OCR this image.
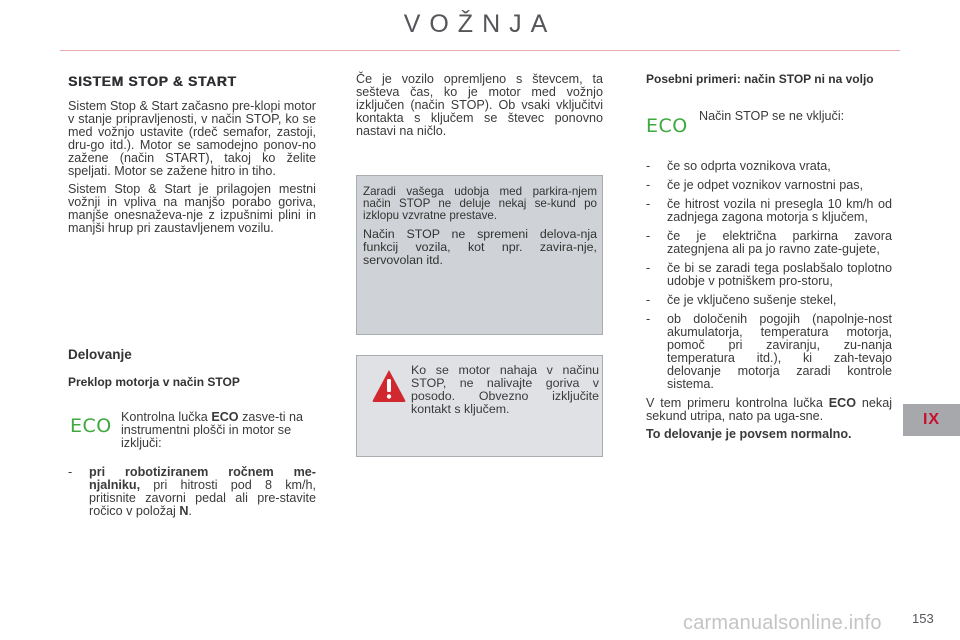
VOŽNJA
SISTEM STOP & START

Sistem Stop & Start začasno pre-klopi motor v stanje pripravljenosti, v način STOP, ko se med vožnjo ustavite (rdeč semafor, zastoji, dru-go itd.). Motor se samodejno ponov-no zažene (način START), takoj ko želite speljati. Motor se zažene hitro in tiho.

Sistem Stop & Start je prilagojen mestni vožnji in vpliva na manjšo porabo goriva, manjše onesnaževa-nje z izpušnimi plini in manjši hrup pri zaustavljenem vozilu.

Delovanje
Preklop motorja v način STOP
ECO Kontrolna lučka ECO zasve-ti na instrumentni plošči in motor se izključi:
- pri robotiziranem ročnem me-njalniku, pri hitrosti pod 8 km/h, pritisnite zavorni pedal ali pre-stavite ročico v položaj N.
Če je vozilo opremljeno s števcem, ta sešteva čas, ko je motor med vožnjo izključen (način STOP). Ob vsaki vključitvi kontakta s ključem se števec ponovno nastavi na ničlo.
Zaradi vašega udobja med parkira-njem način STOP ne deluje nekaj se-kund po izklopu vzvratne prestave.
Način STOP ne spremeni delova-nja funkcij vozila, kot npr. zavira-nje, servovolan itd.
Ko se motor nahaja v načinu STOP, ne nalivajte goriva v posodo. Obvezno izključite kontakt s ključem.
Posebni primeri: način STOP ni na voljo
ECO Način STOP se ne vključi:
- če so odprta voznikova vrata,
- če je odpet voznikov varnostni pas,
- če hitrost vozila ni presegla 10 km/h od zadnjega zagona motorja s ključem,
- če je električna parkirna zavora zategnjena ali pa jo ravno zate-gujete,
- če bi se zaradi tega poslabšalo toplotno udobje v potniškem pro-storu,
- če je vključeno sušenje stekel,
- ob določenih pogojih (napolnje-nost akumulatorja, temperatura motorja, pomoč pri zaviranju, zu-nanja temperatura itd.), ki zah-tevajo delovanje motorja zaradi kontrole sistema.

V tem primeru kontrolna lučka ECO nekaj sekund utripa, nato pa uga-sne.

To delovanje je povsem normalno.

IX
carmanualsonline.info 153
